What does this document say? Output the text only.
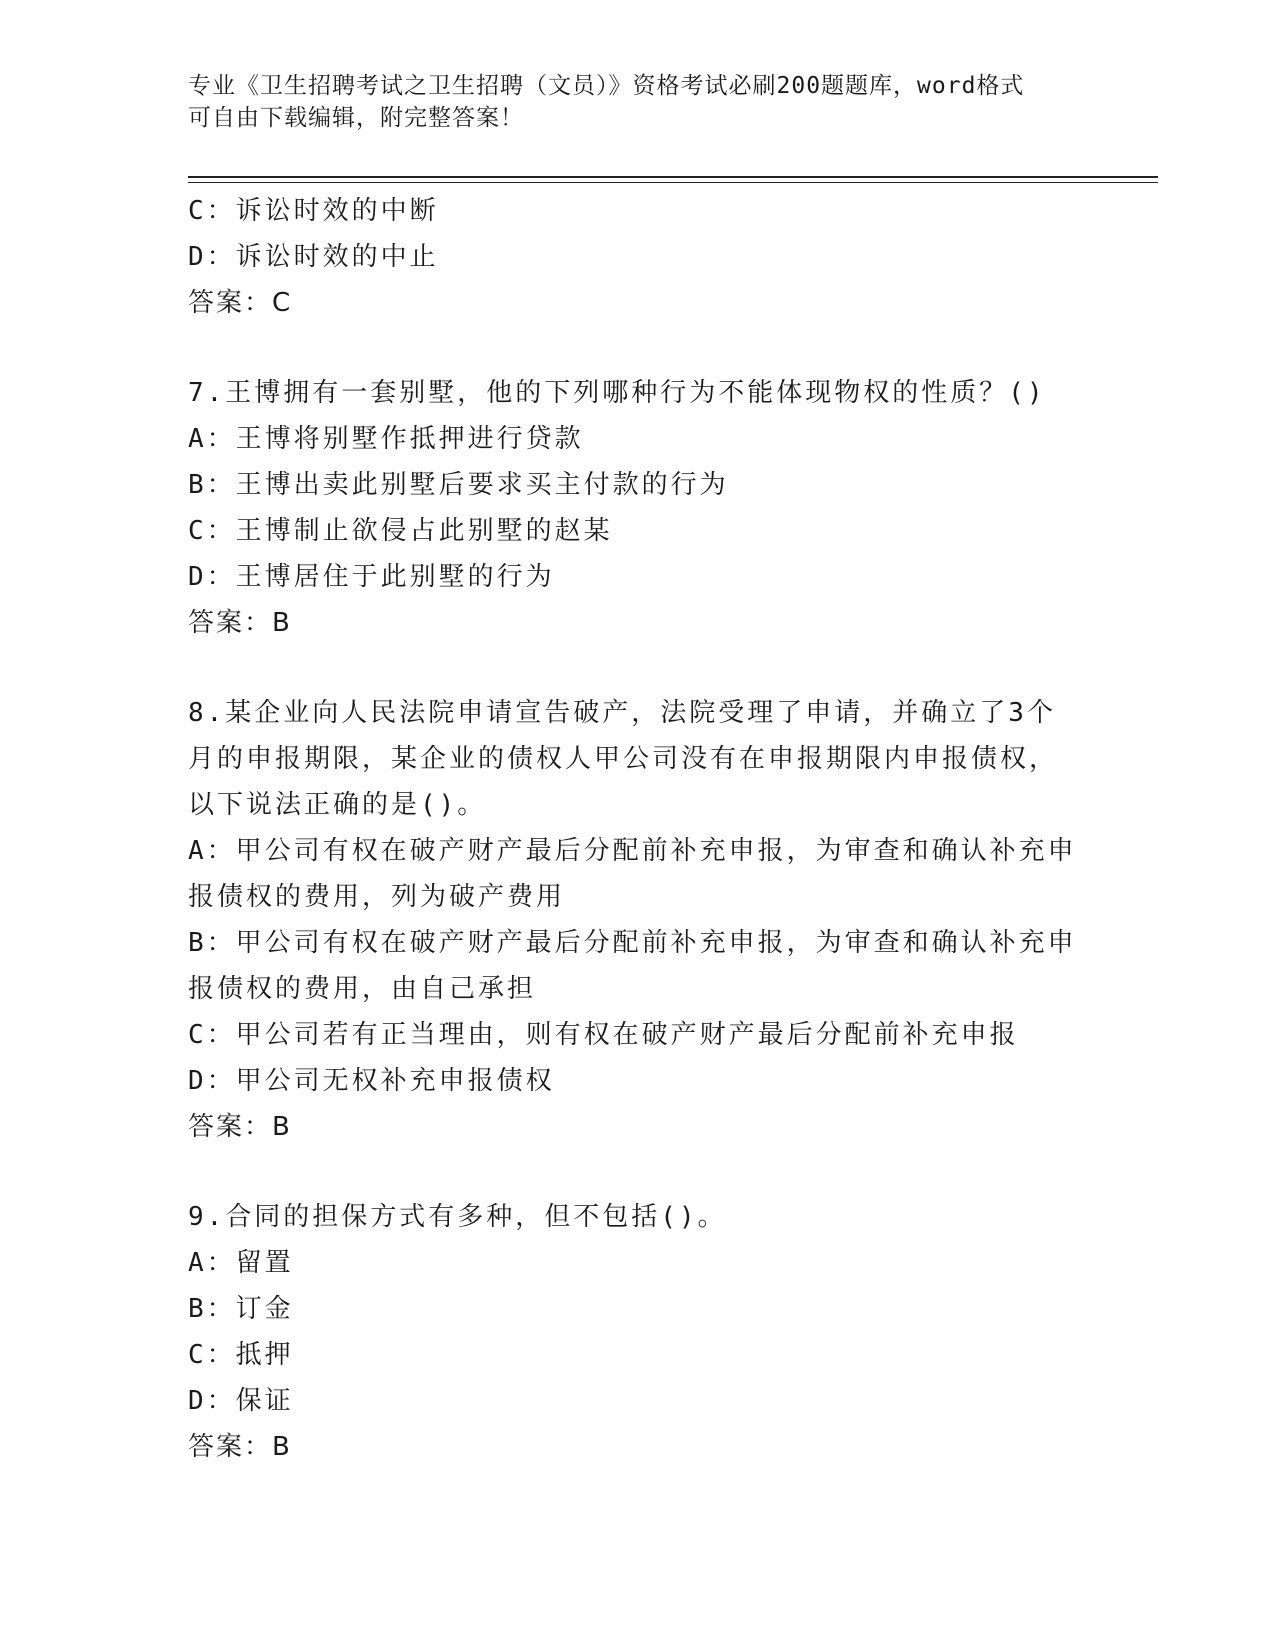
专业《卫生招聘考试之卫生招聘（文员）》资格考试必刷200题题库，word格式
可自由下载编辑，附完整答案！
C：诉讼时效的中断
D：诉讼时效的中止
答案：C
7.王博拥有一套别墅，他的下列哪种行为不能体现物权的性质？()
A：王博将别墅作抵押进行贷款
B：王博出卖此别墅后要求买主付款的行为
C：王博制止欲侵占此别墅的赵某
D：王博居住于此别墅的行为
答案：B
8.某企业向人民法院申请宣告破产，法院受理了申请，并确立了3个
月的申报期限，某企业的债权人甲公司没有在申报期限内申报债权，
以下说法正确的是()。
A：甲公司有权在破产财产最后分配前补充申报，为审查和确认补充申
报债权的费用，列为破产费用
B：甲公司有权在破产财产最后分配前补充申报，为审查和确认补充申
报债权的费用，由自己承担
C：甲公司若有正当理由，则有权在破产财产最后分配前补充申报
D：甲公司无权补充申报债权
答案：B
9.合同的担保方式有多种，但不包括()。
A：留置
B：订金
C：抵押
D：保证
答案：B
